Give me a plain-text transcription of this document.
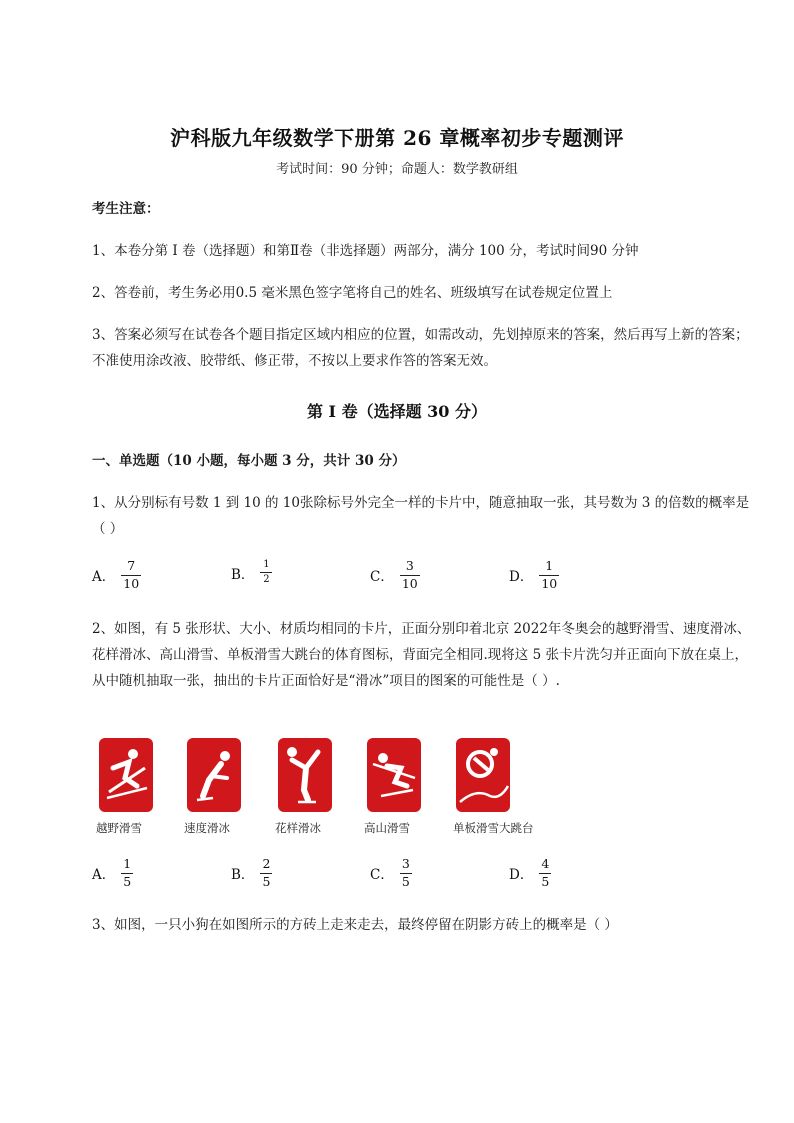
沪科版九年级数学下册第 26 章概率初步专题测评
考试时间：90 分钟；命题人：数学教研组
考生注意：
1、本卷分第 I 卷（选择题）和第Ⅱ卷（非选择题）两部分，满分 100 分，考试时间90 分钟
2、答卷前，考生务必用0.5 毫米黑色签字笔将自己的姓名、班级填写在试卷规定位置上
3、答案必须写在试卷各个题目指定区域内相应的位置，如需改动，先划掉原来的答案，然后再写上新的答案；不准使用涂改液、胶带纸、修正带，不按以上要求作答的答案无效。
第 I 卷（选择题 30 分）
一、单选题（10 小题，每小题 3 分，共计 30 分）
1、从分别标有号数 1 到 10 的 10张除标号外完全一样的卡片中，随意抽取一张，其号数为 3 的倍数的概率是（ ）
A． $\frac{7}{10}$	B． $\frac{1}{2}$	C． $\frac{3}{10}$	D． $\frac{1}{10}$
2、如图，有 5 张形状、大小、材质均相同的卡片，正面分别印着北京 2022年冬奥会的越野滑雪、速度滑冰、花样滑冰、高山滑雪、单板滑雪大跳台的体育图标，背面完全相同.现将这 5 张卡片洗匀并正面向下放在桌上，从中随机抽取一张，抽出的卡片正面恰好是“滑冰”项目的图案的可能性是（ ）.
越野滑雪	速度滑冰	花样滑冰	高山滑雪	单板滑雪大跳台
A． $\frac{1}{5}$	B． $\frac{2}{5}$	C． $\frac{3}{5}$	D． $\frac{4}{5}$
3、如图，一只小狗在如图所示的方砖上走来走去，最终停留在阴影方砖上的概率是（ ）
